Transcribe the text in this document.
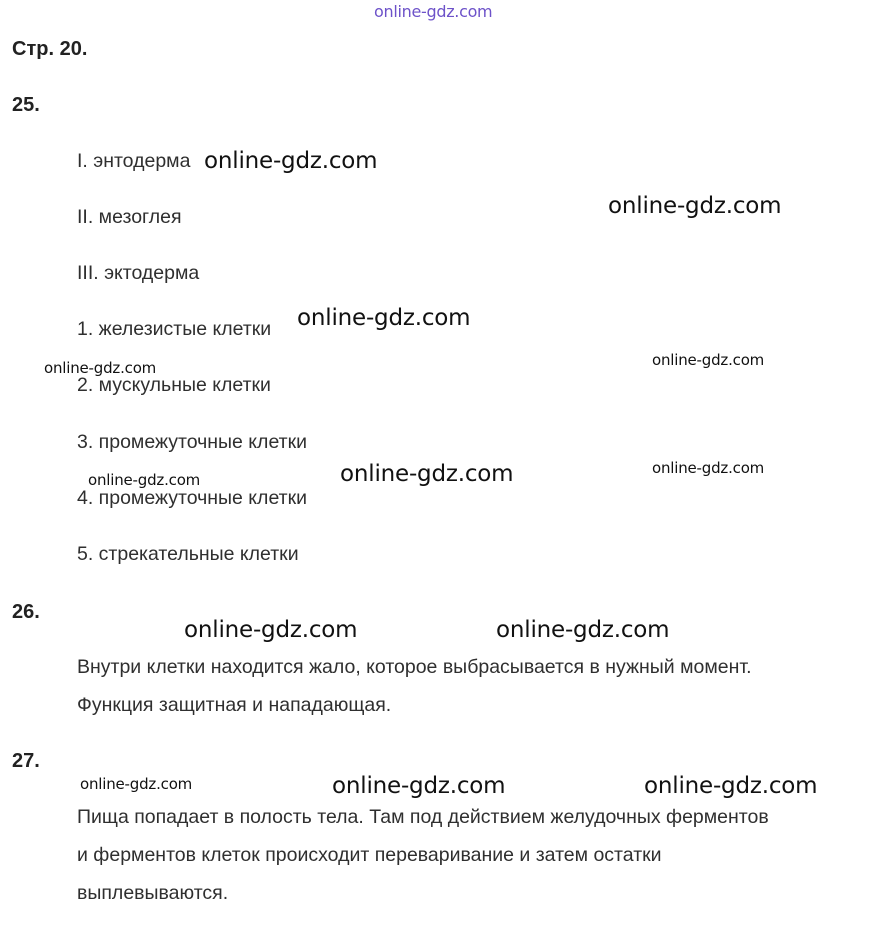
online-gdz.com
Стр. 20.
25.
I. энтодерма
II. мезоглея
III. эктодерма
1. железистые клетки
2. мускульные клетки
3. промежуточные клетки
4. промежуточные клетки
5. стрекательные клетки
26.
Внутри клетки находится жало, которое выбрасывается в нужный момент.
Функция защитная и нападающая.
27.
Пища попадает в полость тела. Там под действием желудочных ферментов
и ферментов клеток происходит переваривание и затем остатки
выплевываются.
online-gdz.com
online-gdz.com
online-gdz.com
online-gdz.com	online-gdz.com
online-gdz.com	online-gdz.com	online-gdz.com
online-gdz.com	online-gdz.com
online-gdz.com	online-gdz.com	online-gdz.com
